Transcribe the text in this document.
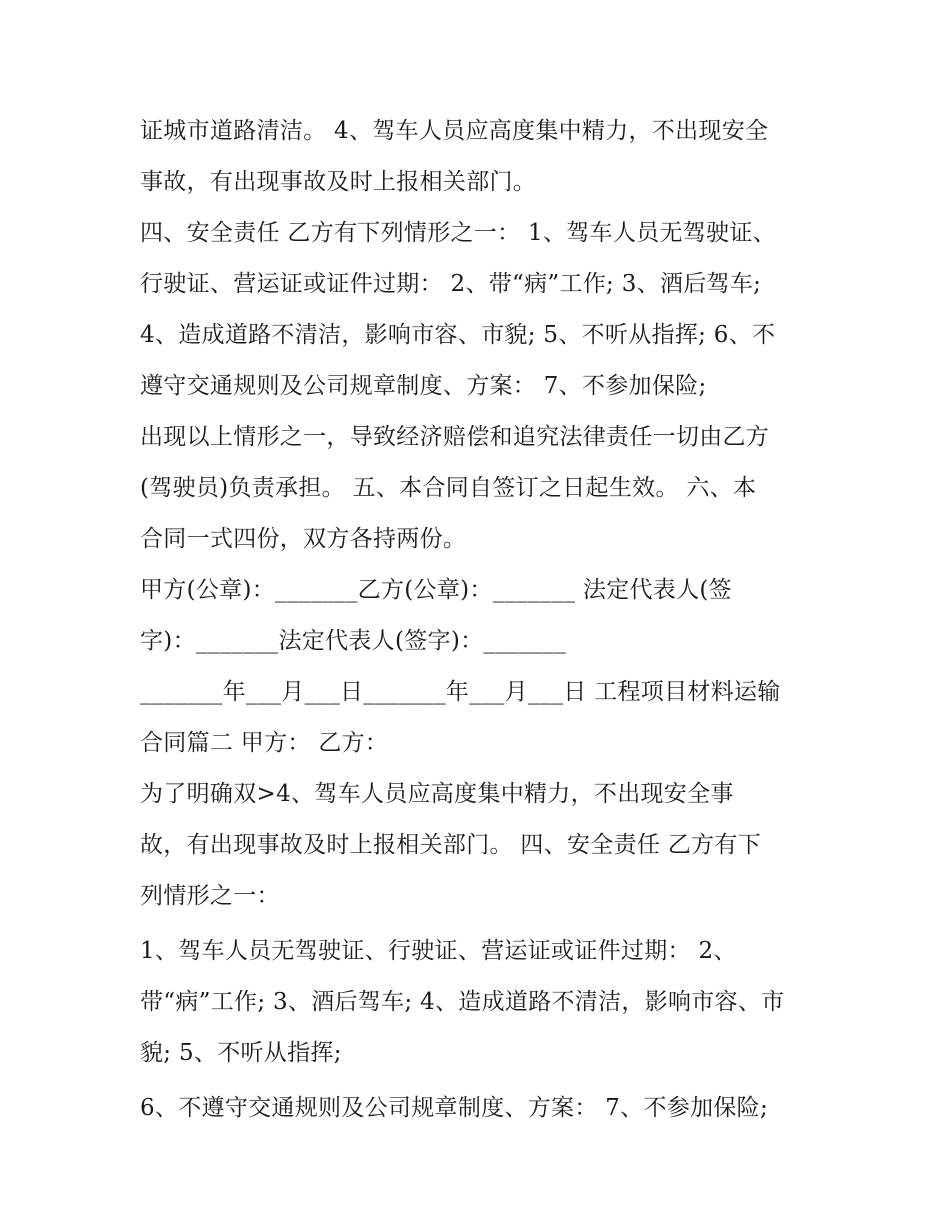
证城市道路清洁。 4、驾车人员应高度集中精力，不出现安全
事故，有出现事故及时上报相关部门。
四、安全责任 乙方有下列情形之一： 1、驾车人员无驾驶证、
行驶证、营运证或证件过期： 2、带“病”工作; 3、酒后驾车;
4、造成道路不清洁，影响市容、市貌; 5、不听从指挥; 6、不
遵守交通规则及公司规章制度、方案： 7、不参加保险;
出现以上情形之一，导致经济赔偿和追究法律责任一切由乙方
(驾驶员)负责承担。 五、本合同自签订之日起生效。 六、本
合同一式四份，双方各持两份。
甲方(公章)：_______乙方(公章)：_______ 法定代表人(签
字)：_______法定代表人(签字)：_______
_______年___月___日_______年___月___日 工程项目材料运输
合同篇二 甲方： 乙方：
为了明确双>4、驾车人员应高度集中精力，不出现安全事
故，有出现事故及时上报相关部门。 四、安全责任 乙方有下
列情形之一：
1、驾车人员无驾驶证、行驶证、营运证或证件过期： 2、
带“病”工作; 3、酒后驾车; 4、造成道路不清洁，影响市容、市
貌; 5、不听从指挥;
6、不遵守交通规则及公司规章制度、方案： 7、不参加保险;
